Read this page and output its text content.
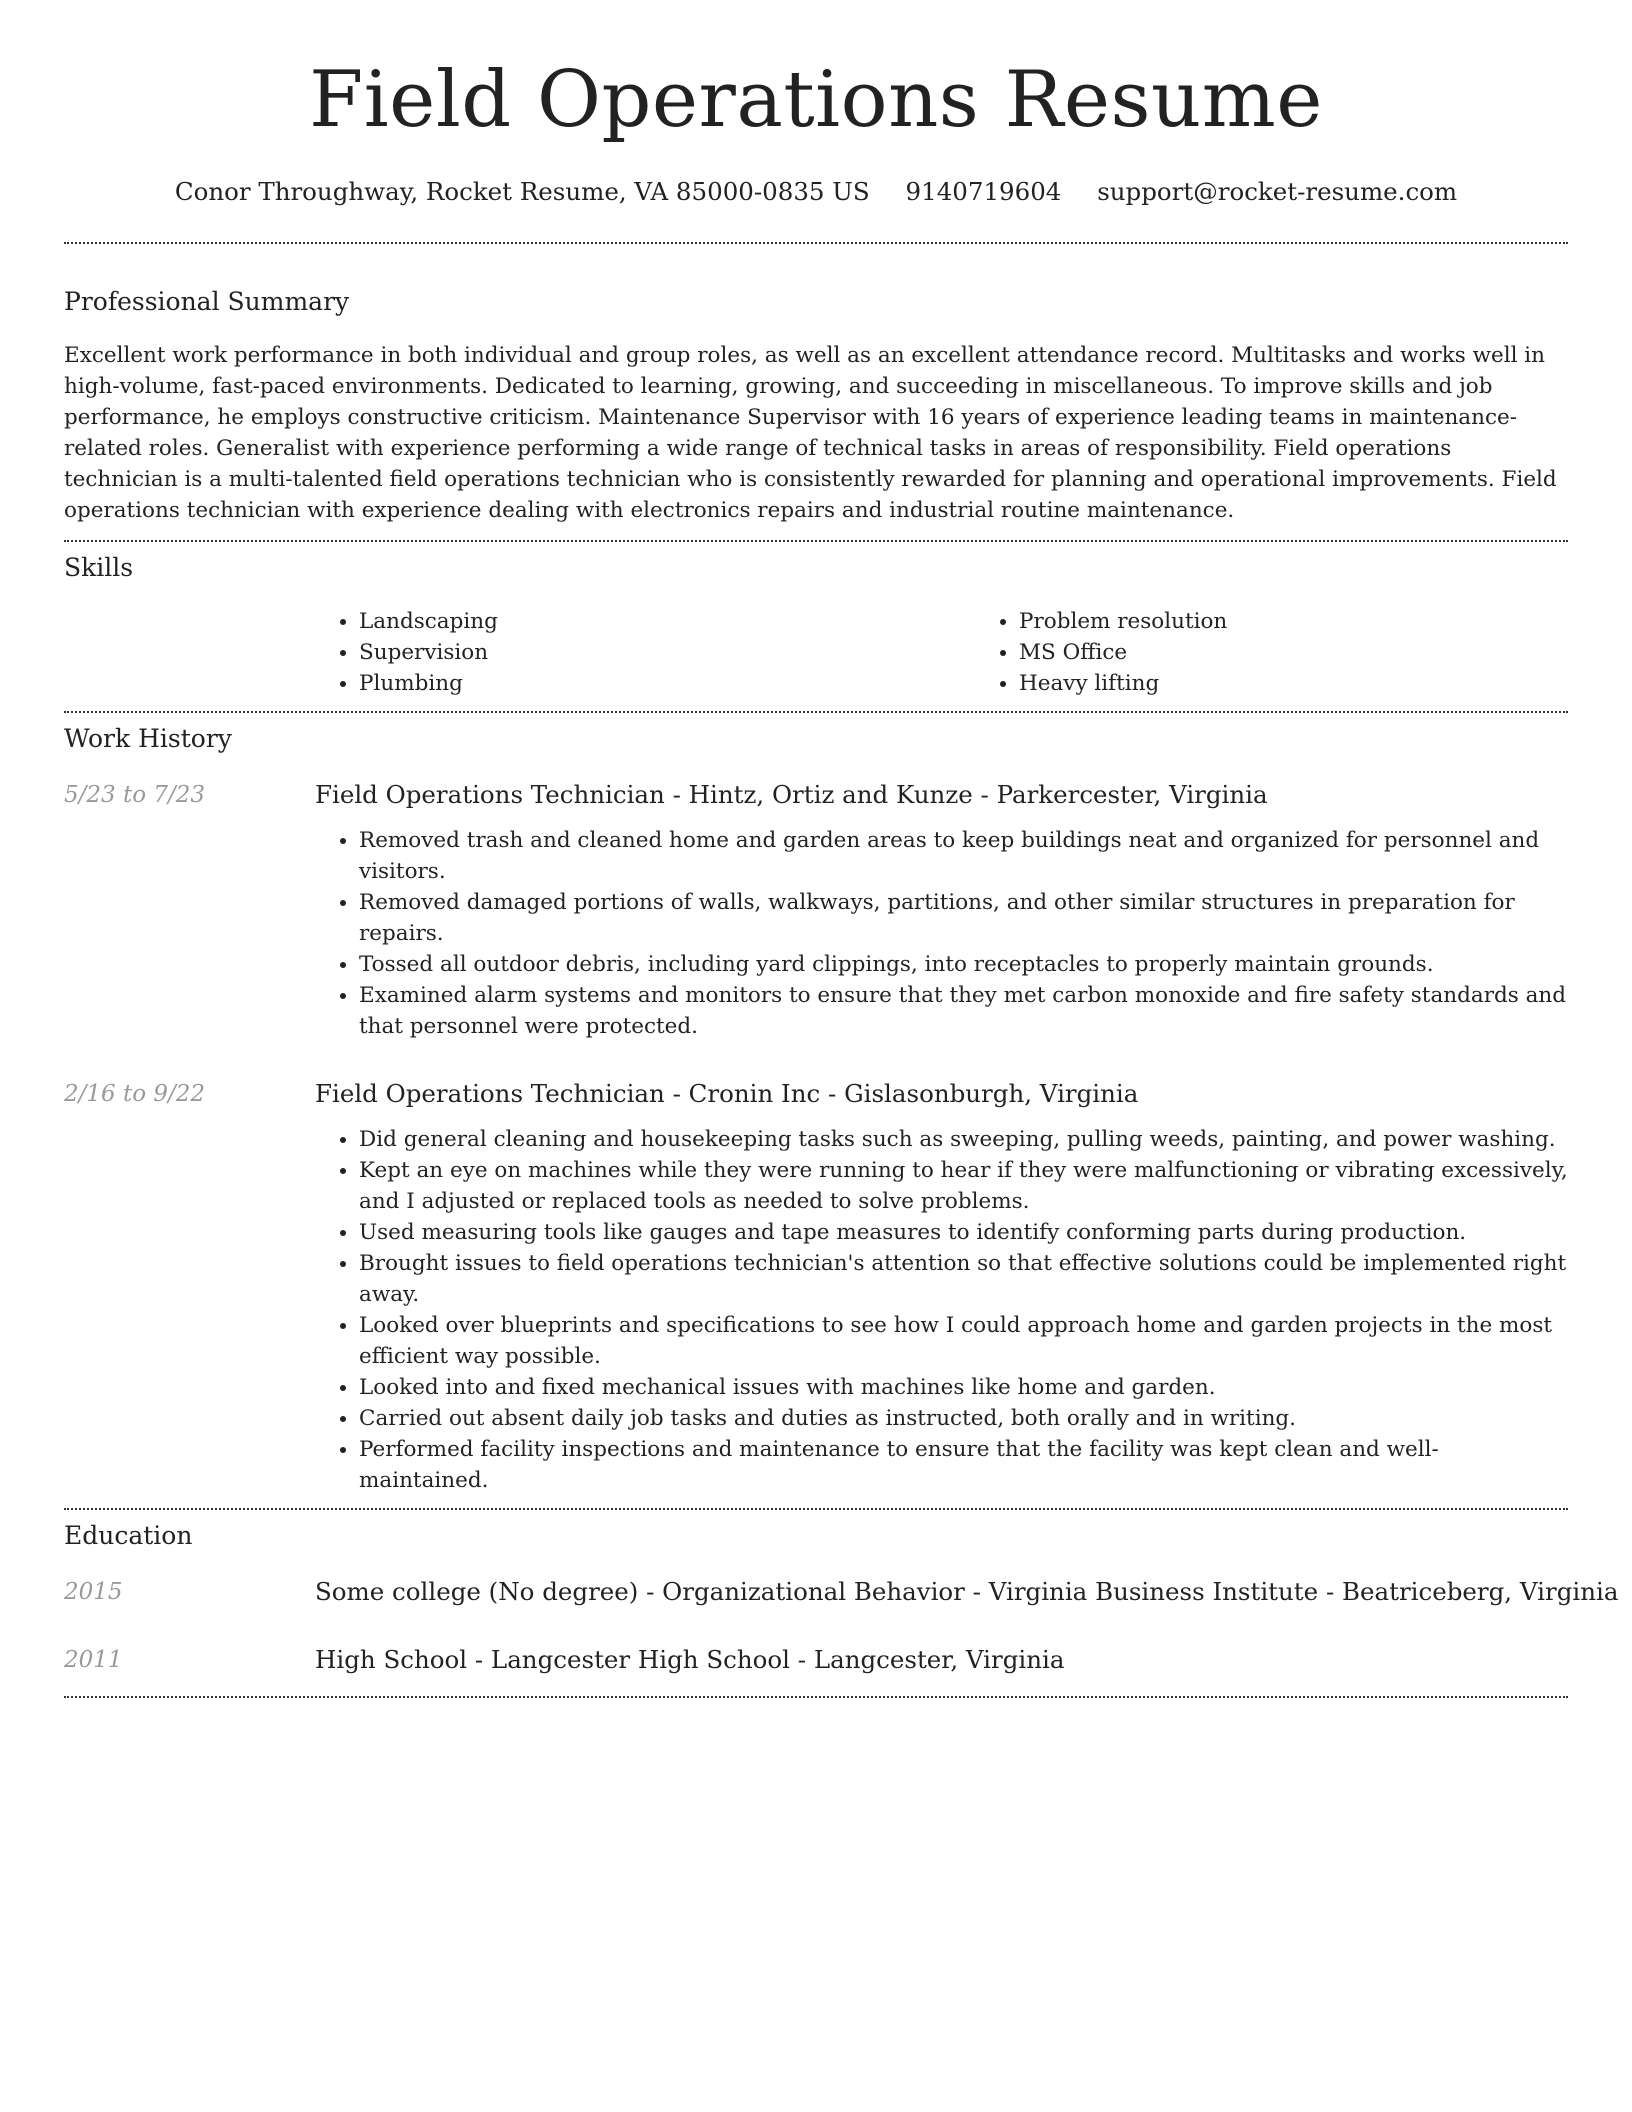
Field Operations Resume
Conor Throughway, Rocket Resume, VA 85000-0835 US 9140719604 support@rocket-resume.com
Professional Summary

Excellent work performance in both individual and group roles, as well as an excellent attendance record. Multitasks and works well in high-volume, fast-paced environments. Dedicated to learning, growing, and succeeding in miscellaneous. To improve skills and job performance, he employs constructive criticism. Maintenance Supervisor with 16 years of experience leading teams in maintenance-related roles. Generalist with experience performing a wide range of technical tasks in areas of responsibility. Field operations technician is a multi-talented field operations technician who is consistently rewarded for planning and operational improvements. Field operations technician with experience dealing with electronics repairs and industrial routine maintenance.

Skills
• Landscaping
• Supervision
• Plumbing
• Problem resolution
• MS Office
• Heavy lifting
Work History
5/23 to 7/23	Field Operations Technician - Hintz, Ortiz and Kunze - Parkercester, Virginia
• Removed trash and cleaned home and garden areas to keep buildings neat and organized for personnel and visitors.
• Removed damaged portions of walls, walkways, partitions, and other similar structures in preparation for repairs.
• Tossed all outdoor debris, including yard clippings, into receptacles to properly maintain grounds.
• Examined alarm systems and monitors to ensure that they met carbon monoxide and fire safety standards and that personnel were protected.
2/16 to 9/22	Field Operations Technician - Cronin Inc - Gislasonburgh, Virginia
• Did general cleaning and housekeeping tasks such as sweeping, pulling weeds, painting, and power washing.
• Kept an eye on machines while they were running to hear if they were malfunctioning or vibrating excessively, and I adjusted or replaced tools as needed to solve problems.
• Used measuring tools like gauges and tape measures to identify conforming parts during production.
• Brought issues to field operations technician's attention so that effective solutions could be implemented right away.
• Looked over blueprints and specifications to see how I could approach home and garden projects in the most efficient way possible.
• Looked into and fixed mechanical issues with machines like home and garden.
• Carried out absent daily job tasks and duties as instructed, both orally and in writing.
• Performed facility inspections and maintenance to ensure that the facility was kept clean and well-maintained.
Education
2015	Some college (No degree) - Organizational Behavior - Virginia Business Institute - Beatriceberg, Virginia
2011	High School - Langcester High School - Langcester, Virginia
